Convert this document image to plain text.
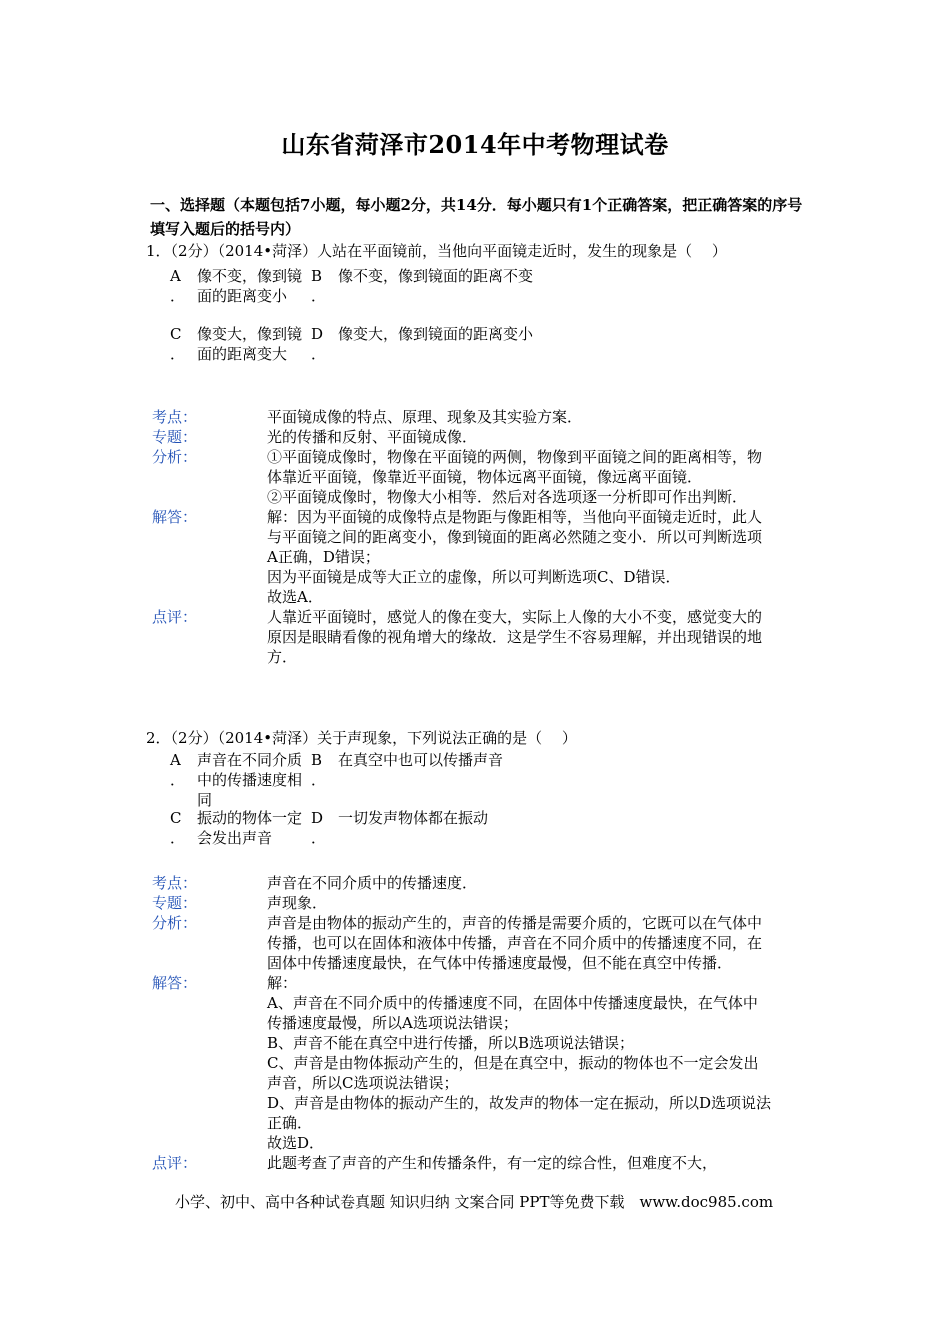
山东省菏泽市2014年中考物理试卷
一、选择题（本题包括7小题，每小题2分，共14分．每小题只有1个正确答案，把正确答案的序号填写入题后的括号内）
1．（2分）（2014•菏泽）人站在平面镜前，当他向平面镜走近时，发生的现象是（　 ）
A
．
像不变，像到镜面的距离变小
B
．
像不变，像到镜面的距离不变
C
．
像变大，像到镜面的距离变大
D
．
像变大，像到镜面的距离变小
考点：	平面镜成像的特点、原理、现象及其实验方案．
专题：	光的传播和反射、平面镜成像．
分析：	①平面镜成像时，物像在平面镜的两侧，物像到平面镜之间的距离相等，物体靠近平面镜，像靠近平面镜，物体远离平面镜，像远离平面镜．

②平面镜成像时，物像大小相等．然后对各选项逐一分析即可作出判断．

解答：	解：因为平面镜的成像特点是物距与像距相等，当他向平面镜走近时，此人与平面镜之间的距离变小，像到镜面的距离必然随之变小．所以可判断选项A正确，D错误；

因为平面镜是成等大正立的虚像，所以可判断选项C、D错误．

故选A．

点评：	人靠近平面镜时，感觉人的像在变大，实际上人像的大小不变，感觉变大的原因是眼睛看像的视角增大的缘故．这是学生不容易理解，并出现错误的地方．
2．（2分）（2014•菏泽）关于声现象，下列说法正确的是（　 ）
A
．
声音在不同介质中的传播速度相同
B
．
在真空中也可以传播声音
C
．
振动的物体一定会发出声音
D
．
一切发声物体都在振动
考点：	声音在不同介质中的传播速度．
专题：	声现象．
分析：	声音是由物体的振动产生的，声音的传播是需要介质的，它既可以在气体中传播，也可以在固体和液体中传播，声音在不同介质中的传播速度不同，在固体中传播速度最快，在气体中传播速度最慢，但不能在真空中传播．
解答：	解：

A、声音在不同介质中的传播速度不同，在固体中传播速度最快，在气体中传播速度最慢，所以A选项说法错误；

B、声音不能在真空中进行传播，所以B选项说法错误；

C、声音是由物体振动产生的，但是在真空中，振动的物体也不一定会发出声音，所以C选项说法错误；

D、声音是由物体的振动产生的，故发声的物体一定在振动，所以D选项说法正确．

故选D．

点评：	此题考查了声音的产生和传播条件，有一定的综合性，但难度不大，
小学、初中、高中各种试卷真题 知识归纳 文案合同 PPT等免费下载　www.doc985.com
